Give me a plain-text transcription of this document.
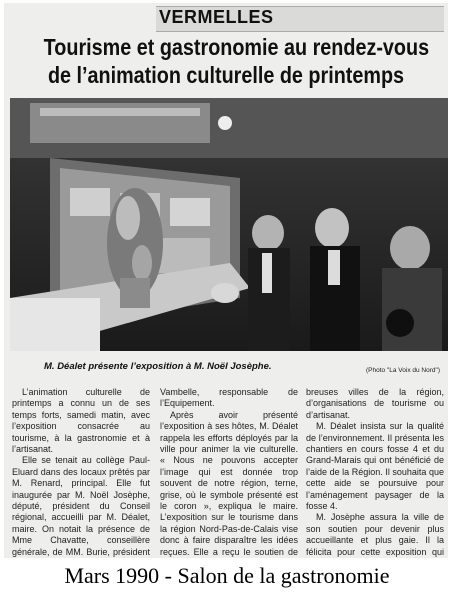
VERMELLES
Tourisme et gastronomie au rendez-vous
de l’animation culturelle de printemps
M. Déalet présente l’exposition à M. Noël Josèphe.	(Photo "La Voix du Nord")

L’animation culturelle de printemps a connu un de ses temps forts, samedi matin, avec l’exposition consacrée au tourisme, à la gastronomie et à l’artisanat.

Elle se tenait au collège Paul-Eluard dans des locaux prêtés par M. Renard, principal. Elle fut inaugurée par M. Noël Josèphe, député, président du Conseil régional, accueilli par M. Déalet, maire. On notait la présence de Mme Chavatte, conseillère générale, de MM. Burie, président

Vambelle, responsable de l’Equipement.

Après avoir présenté l’exposition à ses hôtes, M. Déalet rappela les efforts déployés par la ville pour animer la vie culturelle. « Nous ne pouvons accepter l’image qui est donnée trop souvent de notre région, terne, grise, où le symbole présenté est le coron », expliqua le maire. L’exposition sur le tourisme dans la région Nord-Pas-de-Calais vise donc à faire disparaître les idées reçues. Elle a reçu le soutien de

breuses villes de la région, d’organisations de tourisme ou d’artisanat.

M. Déalet insista sur la qualité de l’environnement. Il présenta les chantiers en cours fosse 4 et du Grand-Marais qui ont bénéficié de l’aide de la Région. Il souhaita que cette aide se poursuive pour l’aménagement paysager de la fosse 4.

M. Josèphe assura la ville de son soutien pour devenir plus accueillante et plus gaie. Il la félicita pour cette exposition qui

Mars 1990 - Salon de la gastronomie
